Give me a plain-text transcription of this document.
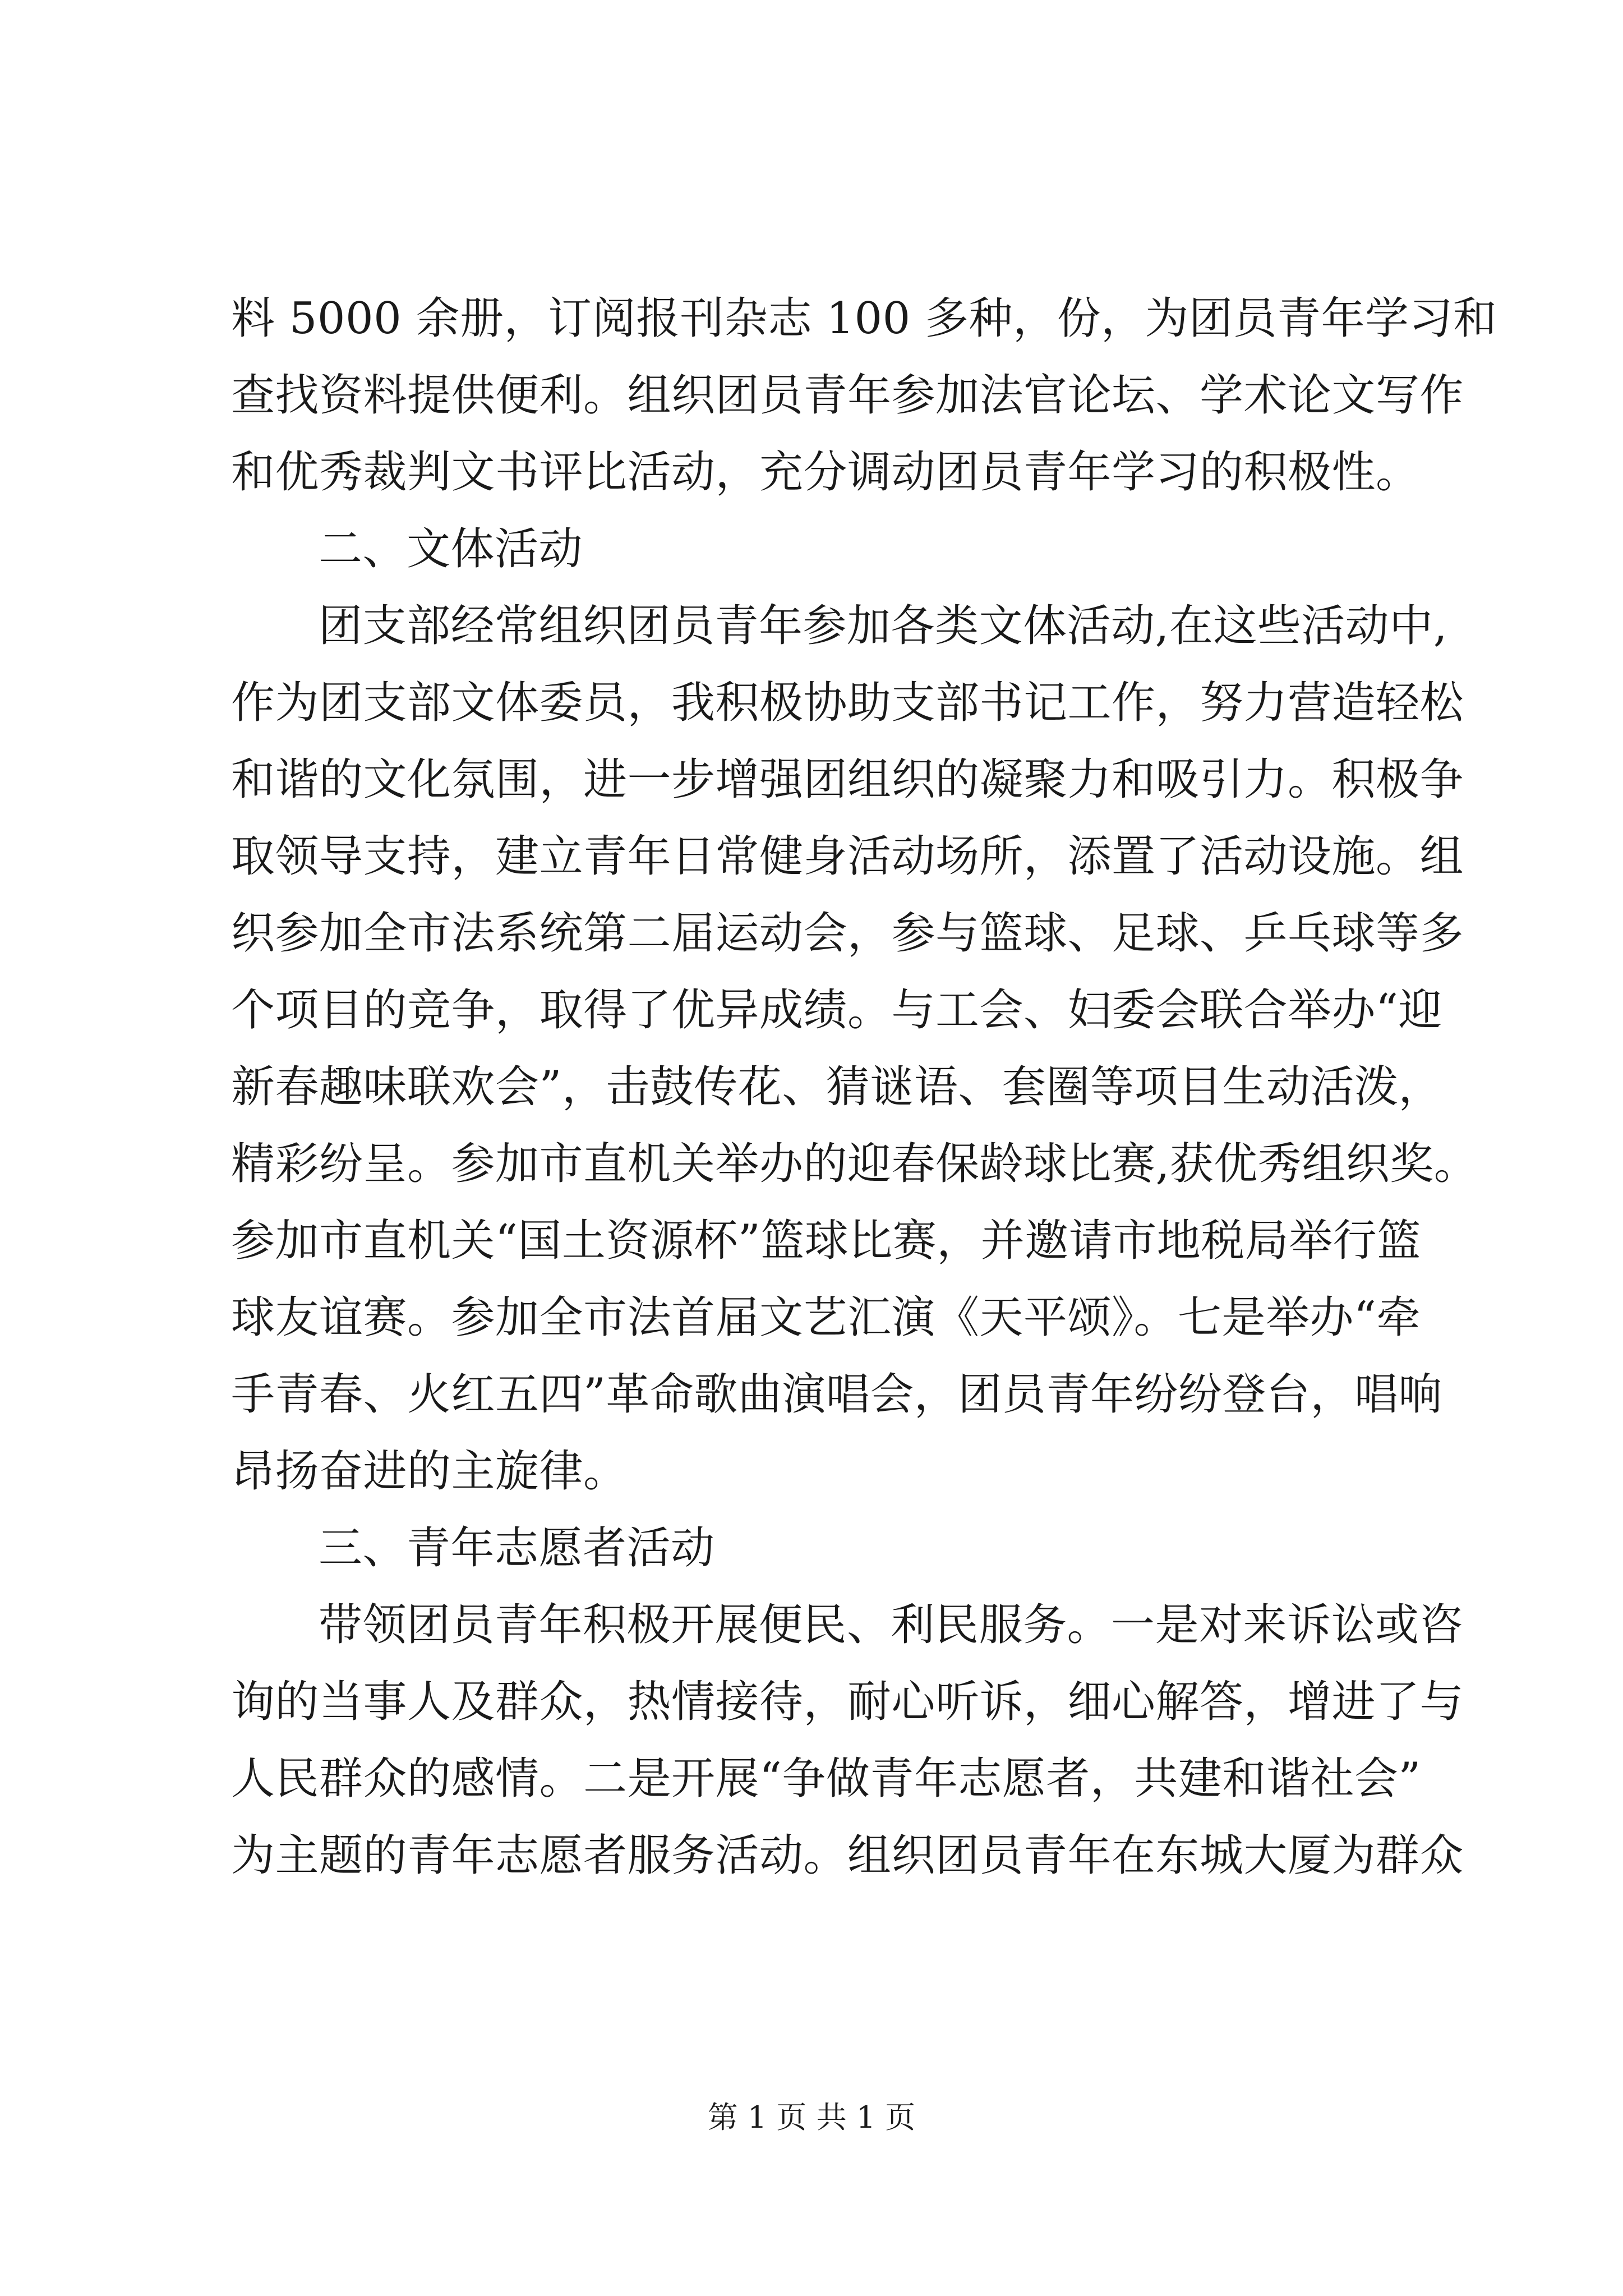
料 5000 余册，订阅报刊杂志 100 多种，份，为团员青年学习和
查找资料提供便利。组织团员青年参加法官论坛、学术论文写作
和优秀裁判文书评比活动，充分调动团员青年学习的积极性。
二、文体活动
团支部经常组织团员青年参加各类文体活动,在这些活动中,
作为团支部文体委员，我积极协助支部书记工作，努力营造轻松
和谐的文化氛围，进一步增强团组织的凝聚力和吸引力。积极争
取领导支持，建立青年日常健身活动场所，添置了活动设施。组
织参加全市法系统第二届运动会，参与篮球、足球、乒乓球等多
个项目的竞争，取得了优异成绩。与工会、妇委会联合举办“迎
新春趣味联欢会”，击鼓传花、猜谜语、套圈等项目生动活泼，
精彩纷呈。参加市直机关举办的迎春保龄球比赛,获优秀组织奖。
参加市直机关“国土资源杯”篮球比赛，并邀请市地税局举行篮
球友谊赛。参加全市法首届文艺汇演《天平颂》。七是举办“牵
手青春、火红五四”革命歌曲演唱会，团员青年纷纷登台，唱响
昂扬奋进的主旋律。
三、青年志愿者活动
带领团员青年积极开展便民、利民服务。一是对来诉讼或咨
询的当事人及群众，热情接待，耐心听诉，细心解答，增进了与
人民群众的感情。二是开展“争做青年志愿者，共建和谐社会”
为主题的青年志愿者服务活动。组织团员青年在东城大厦为群众
第 1 页 共 1 页
